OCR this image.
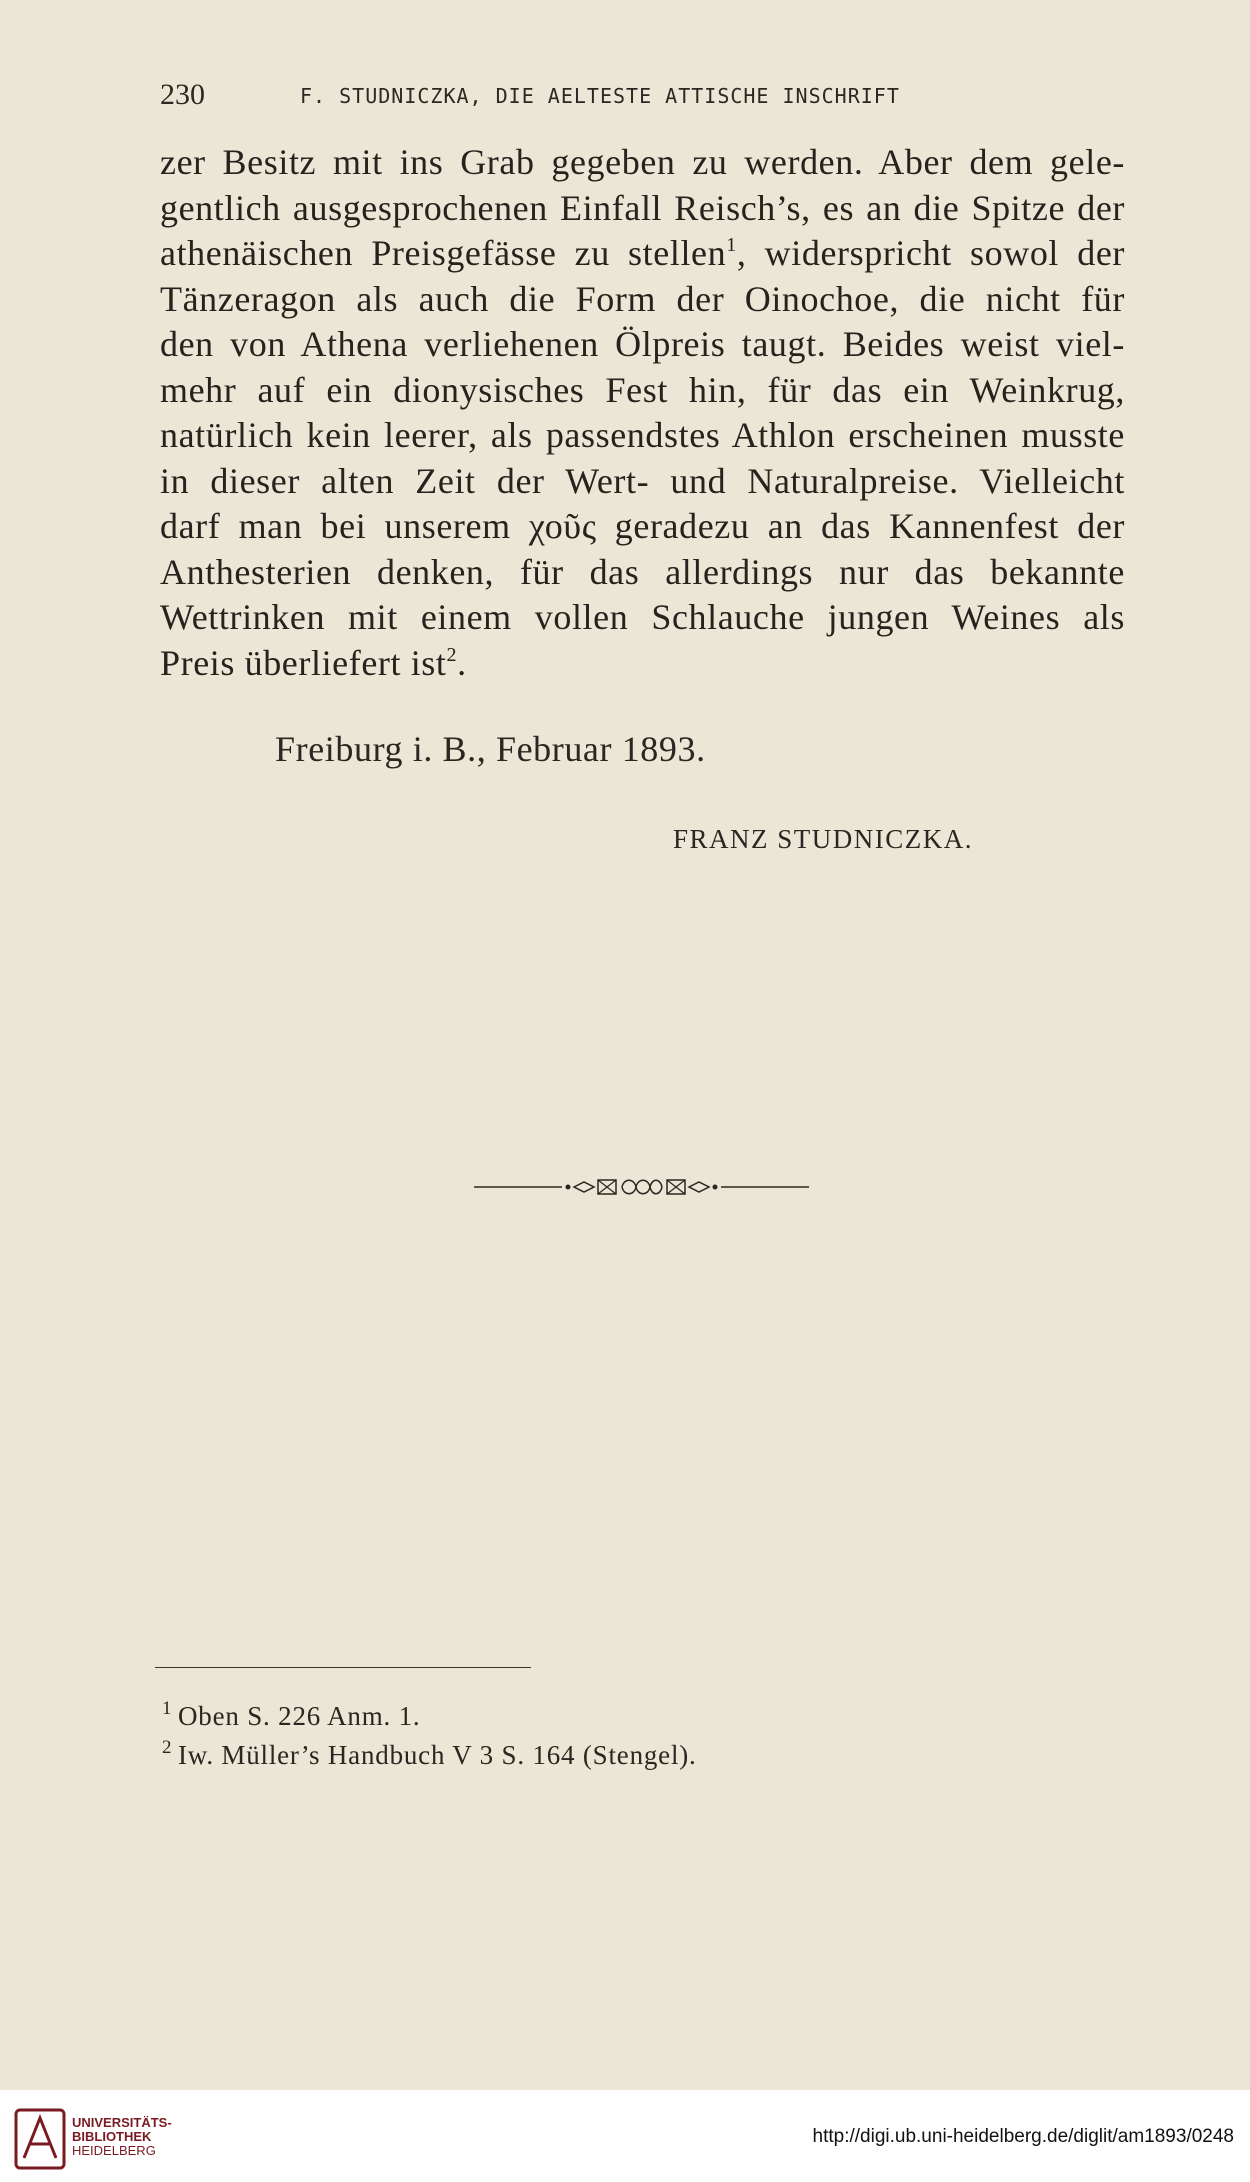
230	F. STUDNICZKA, DIE AELTESTE ATTISCHE INSCHRIFT
zer Besitz mit ins Grab gegeben zu werden. Aber dem gele-
gentlich ausgesprochenen Einfall Reisch’s, es an die Spitze der
athenäischen Preisgefässe zu stellen$^1$, widerspricht sowol der
Tänzeragon als auch die Form der Oinochoe, die nicht für
den von Athena verliehenen Ölpreis taugt. Beides weist viel-
mehr auf ein dionysisches Fest hin, für das ein Weinkrug,
natürlich kein leerer, als passendstes Athlon erscheinen musste
in dieser alten Zeit der Wert- und Naturalpreise. Vielleicht
darf man bei unserem χοῦς geradezu an das Kannenfest der
Anthesterien denken, für das allerdings nur das bekannte
Wettrinken mit einem vollen Schlauche jungen Weines als
Preis überliefert ist$^2$.
Freiburg i. B., Februar 1893.
FRANZ STUDNICZKA.
1 Oben S. 226 Anm. 1.
2 Iw. Müller’s Handbuch V 3 S. 164 (Stengel).
UNIVERSITÄTS-
BIBLIOTHEK
HEIDELBERG
http://digi.ub.uni-heidelberg.de/diglit/am1893/0248
